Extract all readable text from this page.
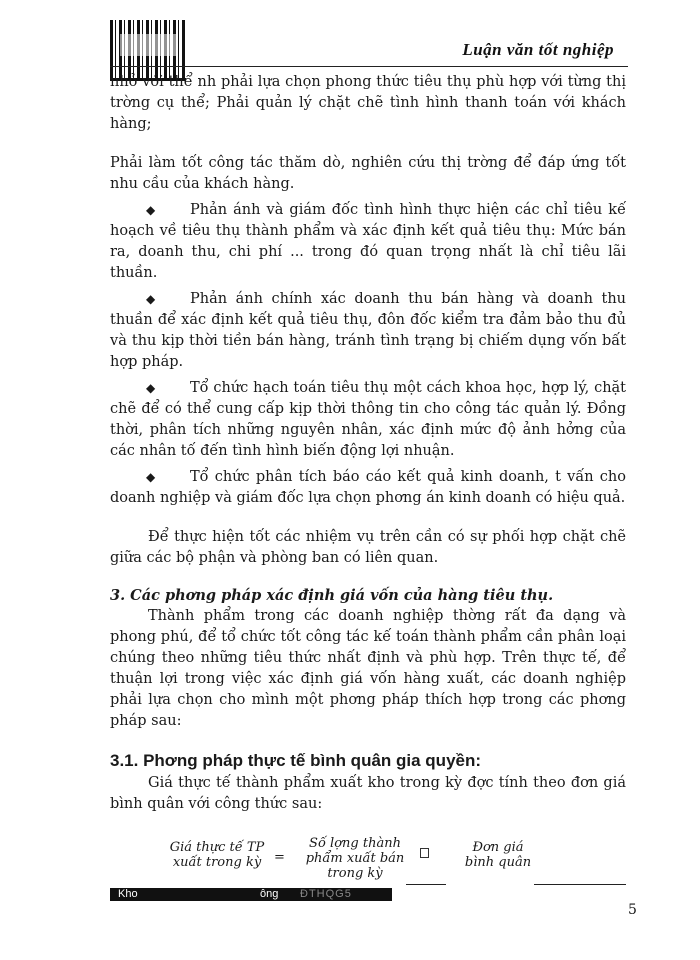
Luận văn tốt nghiệp

nhỏ với thể nh phải lựa chọn phong thức tiêu thụ phù hợp với từng thị trờng cụ thể; Phải quản lý chặt chẽ tình hình thanh toán với khách hàng;

Phải làm tốt công tác thăm dò, nghiên cứu thị trờng để đáp ứng tốt nhu cầu của khách hàng.

◆ Phản ánh và giám đốc tình hình thực hiện các chỉ tiêu kế hoạch về tiêu thụ thành phẩm và xác định kết quả tiêu thụ: Mức bán ra, doanh thu, chi phí ... trong đó quan trọng nhất là chỉ tiêu lãi thuần.

◆ Phản ánh chính xác doanh thu bán hàng và doanh thu thuần để xác định kết quả tiêu thụ, đôn đốc kiểm tra đảm bảo thu đủ và thu kịp thời tiền bán hàng, tránh tình trạng bị chiếm dụng vốn bất hợp pháp.

◆ Tổ chức hạch toán tiêu thụ một cách khoa học, hợp lý, chặt chẽ để có thể cung cấp kịp thời thông tin cho công tác quản lý. Đồng thời, phân tích những nguyên nhân, xác định mức độ ảnh hởng của các nhân tố đến tình hình biến động lợi nhuận.

◆ Tổ chức phân tích báo cáo kết quả kinh doanh, t vấn cho doanh nghiệp và giám đốc lựa chọn phơng án kinh doanh có hiệu quả.

Để thực hiện tốt các nhiệm vụ trên cần có sự phối hợp chặt chẽ giữa các bộ phận và phòng ban có liên quan.

3. Các phơng pháp xác định giá vốn của hàng tiêu thụ.

Thành phẩm trong các doanh nghiệp thờng rất đa dạng và phong phú, để tổ chức tốt công tác kế toán thành phẩm cần phân loại chúng theo những tiêu thức nhất định và phù hợp. Trên thực tế, để thuận lợi trong việc xác định giá vốn hàng xuất, các doanh nghiệp phải lựa chọn cho mình một phơng pháp thích hợp trong các phơng pháp sau:

3.1. Phơng pháp thực tế bình quân gia quyền:

Giá thực tế thành phẩm xuất kho trong kỳ đợc tính theo đơn giá bình quân với công thức sau:

Giá thực tế TP xuất trong kỳ =
Số lợng thành phẩm xuất bán trong kỳ
Đơn giá bình quân
Kho	ông ĐTHQG5
5
